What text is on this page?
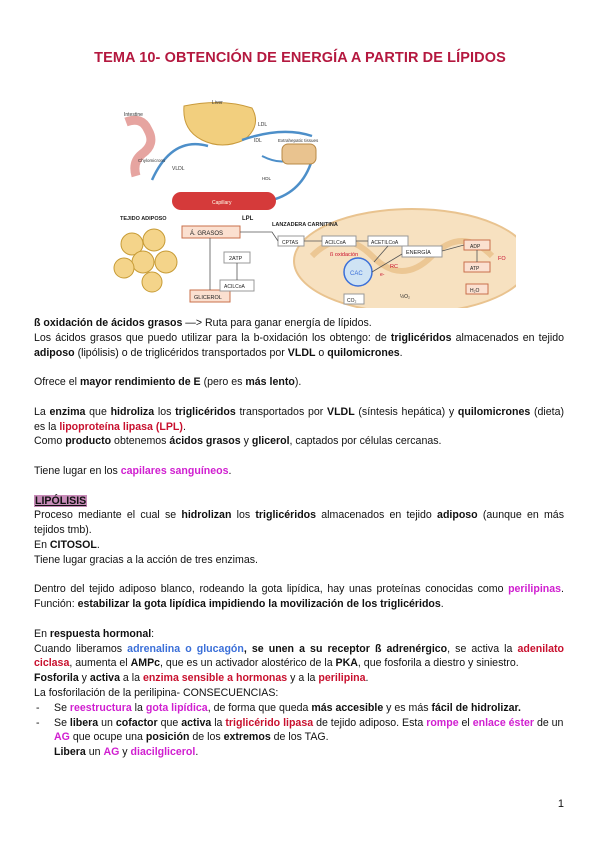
TEMA 10- OBTENCIÓN DE ENERGÍA A PARTIR DE LÍPIDOS
Liver
Intestine
Chylomicrons
VLDL
LDL
IDL
HDL
Extrahepatic tissues
Capillary
LPL
TEJIDO ADIPOSO
Á. GRASOS
GLICEROL
2ATP
ACILCoA
LANZADERA CARNITINA
CPTAS	ACILCoA	ACETILCoA
ß oxidación
CAC
CO₂
RC
e-
½O₂
ENERGÍA
ADP
ATP
FO
H₂O

ß oxidación de ácidos grasos —> Ruta para ganar energía de lípidos.

Los ácidos grasos que puedo utilizar para la b-oxidación los obtengo: de triglicéridos almacenados en tejido adiposo (lipólisis) o de triglicéridos transportados por VLDL o quilomicrones.

Ofrece el mayor rendimiento de E (pero es más lento).

La enzima que hidroliza los triglicéridos transportados por VLDL (síntesis hepática) y quilomicrones (dieta) es la lipoproteína lipasa (LPL).

Como producto obtenemos ácidos grasos y glicerol, captados por células cercanas.

Tiene lugar en los capilares sanguíneos.

LIPÓLISIS

Proceso mediante el cual se hidrolizan los triglicéridos almacenados en tejido adiposo (aunque en más tejidos tmb).

En CITOSOL.

Tiene lugar gracias a la acción de tres enzimas.

Dentro del tejido adiposo blanco, rodeando la gota lipídica, hay unas proteínas conocidas como perilipinas. Función: estabilizar la gota lipídica impidiendo la movilización de los triglicéridos.

En respuesta hormonal:

Cuando liberamos adrenalina o glucagón, se unen a su receptor ß adrenérgico, se activa la adenilato ciclasa, aumenta el AMPc, que es un activador alostérico de la PKA, que fosforila a diestro y siniestro.

Fosforila y activa a la enzima sensible a hormonas y a la perilipina.

La fosforilación de la perilipina- CONSECUENCIAS:

- Se reestructura la gota lipídica, de forma que queda más accesible y es más fácil de hidrolizar.
- Se libera un cofactor que activa la triglicérido lipasa de tejido adiposo. Esta rompe el enlace éster de un AG que ocupe una posición de los extremos de los TAG.

Libera un AG y diacilglicerol.

1
